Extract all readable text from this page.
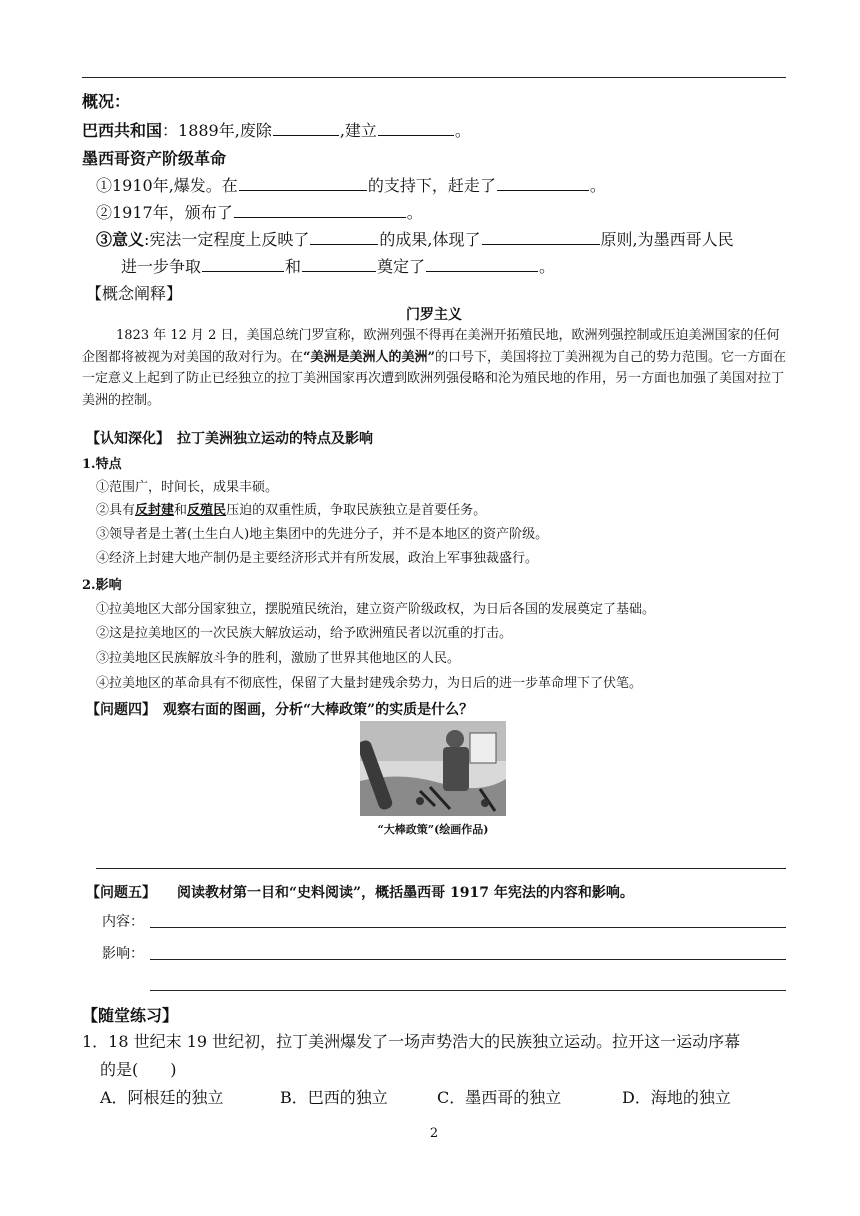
概况：
巴西共和国：1889年,废除	,建立	。
墨西哥资产阶级革命
①1910年,爆发。在	的支持下，赶走了	。
②1917年，颁布了	。
③意义:宪法一定程度上反映了	的成果,体现了	原则,为墨西哥人民
进一步争取	和	奠定了	。
【概念阐释】
门罗主义
1823 年 12 月 2 日，美国总统门罗宣称，欧洲列强不得再在美洲开拓殖民地，欧洲列强控制或压迫美洲国家的任何企图都将被视为对美国的敌对行为。在“美洲是美洲人的美洲”的口号下，美国将拉丁美洲视为自己的势力范围。它一方面在一定意义上起到了防止已经独立的拉丁美洲国家再次遭到欧洲列强侵略和沦为殖民地的作用，另一方面也加强了美国对拉丁美洲的控制。
【认知深化】　拉丁美洲独立运动的特点及影响
1.特点
①范围广，时间长，成果丰硕。
②具有反封建和反殖民压迫的双重性质，争取民族独立是首要任务。
③领导者是土著(土生白人)地主集团中的先进分子，并不是本地区的资产阶级。
④经济上封建大地产制仍是主要经济形式并有所发展，政治上军事独裁盛行。
2.影响
①拉美地区大部分国家独立，摆脱殖民统治，建立资产阶级政权，为日后各国的发展奠定了基础。
②这是拉美地区的一次民族大解放运动，给予欧洲殖民者以沉重的打击。
③拉美地区民族解放斗争的胜利，激励了世界其他地区的人民。
④拉美地区的革命具有不彻底性，保留了大量封建残余势力，为日后的进一步革命埋下了伏笔。
【问题四】　观察右面的图画，分析“大棒政策”的实质是什么？
“大棒政策”(绘画作品)
【问题五】　　阅读教材第一目和“史料阅读”，概括墨西哥 1917 年宪法的内容和影响。
内容：
影响：
【随堂练习】
1．18 世纪末 19 世纪初，拉丁美洲爆发了一场声势浩大的民族独立运动。拉开这一运动序幕
的是(　　)
A．阿根廷的独立	B．巴西的独立	C．墨西哥的独立	D．海地的独立
2
